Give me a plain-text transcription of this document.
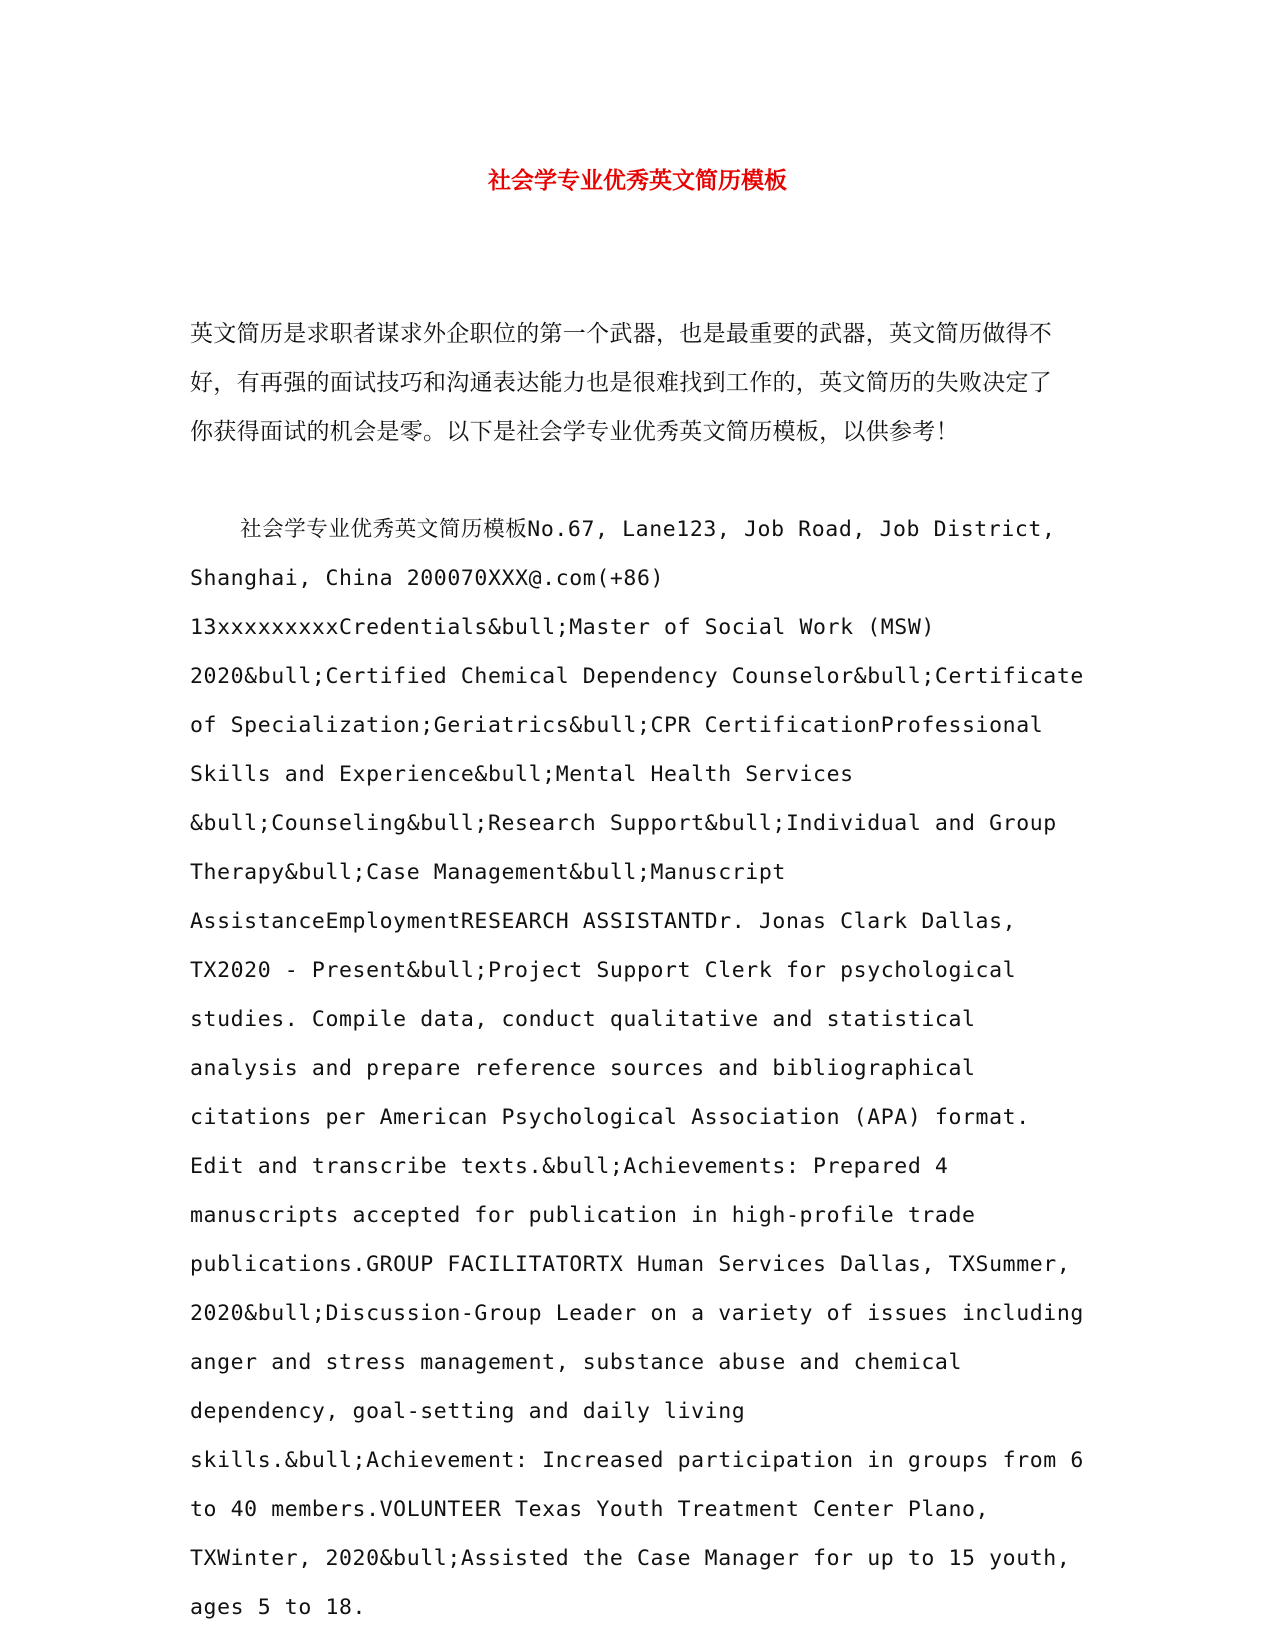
社会学专业优秀英文简历模板

英文简历是求职者谋求外企职位的第一个武器，也是最重要的武器，英文简历做得不好，有再强的面试技巧和沟通表达能力也是很难找到工作的，英文简历的失败决定了你获得面试的机会是零。以下是社会学专业优秀英文简历模板，以供参考！

社会学专业优秀英文简历模板No.67, Lane123, Job Road, Job District, Shanghai, China 200070XXX@.com(+86) 13xxxxxxxxxCredentials&bull;Master of Social Work (MSW) 2020&bull;Certified Chemical Dependency Counselor&bull;Certificate of Specialization;Geriatrics&bull;CPR CertificationProfessional Skills and Experience&bull;Mental Health Services &bull;Counseling&bull;Research Support&bull;Individual and Group Therapy&bull;Case Management&bull;Manuscript AssistanceEmploymentRESEARCH ASSISTANTDr. Jonas Clark Dallas, TX2020 - Present&bull;Project Support Clerk for psychological studies. Compile data, conduct qualitative and statistical analysis and prepare reference sources and bibliographical citations per American Psychological Association (APA) format. Edit and transcribe texts.&bull;Achievements: Prepared 4 manuscripts accepted for publication in high-profile trade publications.GROUP FACILITATORTX Human Services Dallas, TXSummer, 2020&bull;Discussion-Group Leader on a variety of issues including anger and stress management, substance abuse and chemical dependency, goal-setting and daily living skills.&bull;Achievement: Increased participation in groups from 6 to 40 members.VOLUNTEER Texas Youth Treatment Center Plano, TXWinter, 2020&bull;Assisted the Case Manager for up to 15 youth, ages 5 to 18.
